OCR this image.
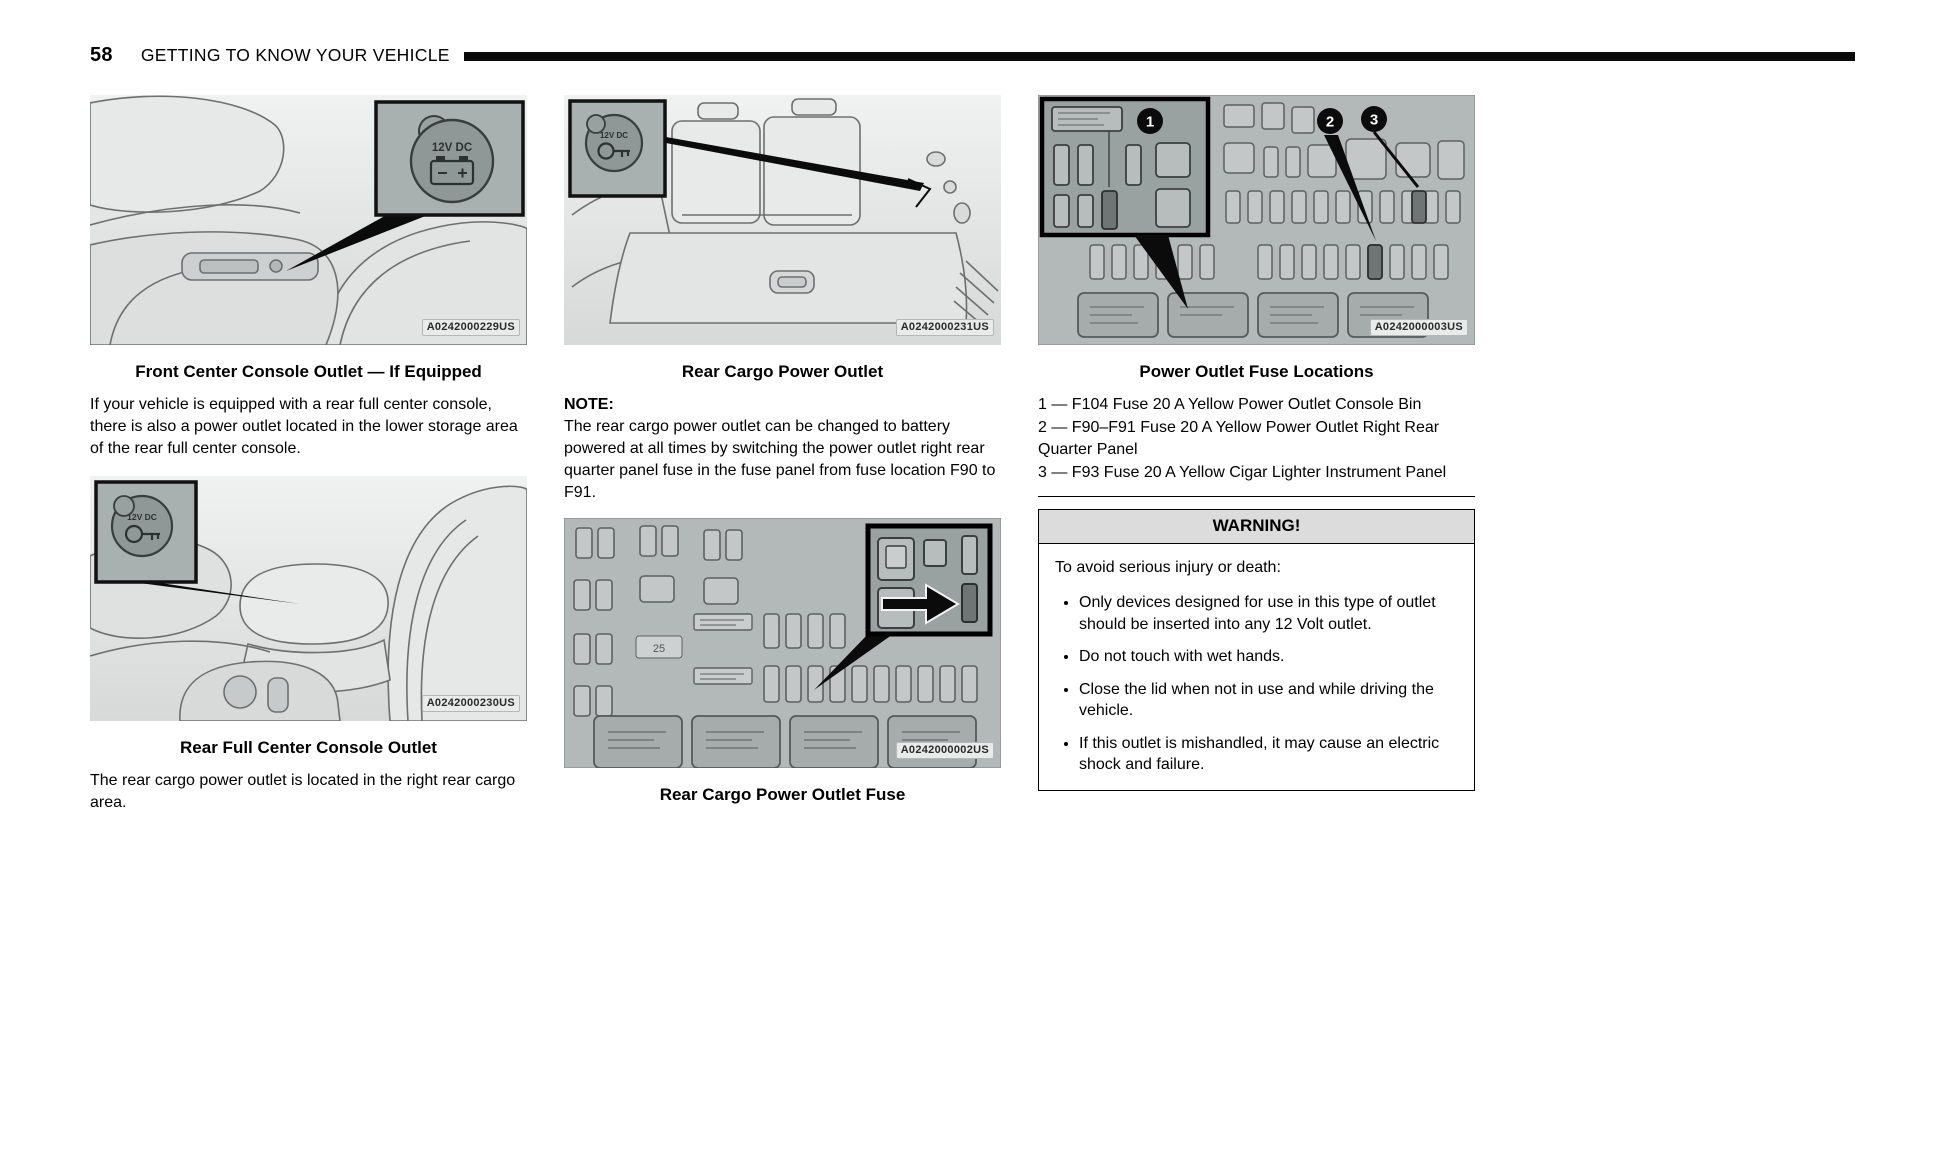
58 GETTING TO KNOW YOUR VEHICLE
12V DC
A0242000229US
Front Center Console Outlet — If Equipped
If your vehicle is equipped with a rear full center console, there is also a power outlet located in the lower storage area of the rear full center console.
12V DC
A0242000230US
Rear Full Center Console Outlet
The rear cargo power outlet is located in the right rear cargo area.
12V DC
A0242000231US
Rear Cargo Power Outlet
NOTE:
The rear cargo power outlet can be changed to battery powered at all times by switching the power outlet right rear quarter panel fuse in the fuse panel from fuse location F90 to F91.
25
A0242000002US
Rear Cargo Power Outlet Fuse
1	2 3
A0242000003US
Power Outlet Fuse Locations
1 — F104 Fuse 20 A Yellow Power Outlet Console Bin
2 — F90–F91 Fuse 20 A Yellow Power Outlet Right Rear Quarter Panel
3 — F93 Fuse 20 A Yellow Cigar Lighter Instrument Panel
WARNING!
To avoid serious injury or death:
• Only devices designed for use in this type of outlet should be inserted into any 12 Volt outlet.
• Do not touch with wet hands.
• Close the lid when not in use and while driving the vehicle.
• If this outlet is mishandled, it may cause an electric shock and failure.
